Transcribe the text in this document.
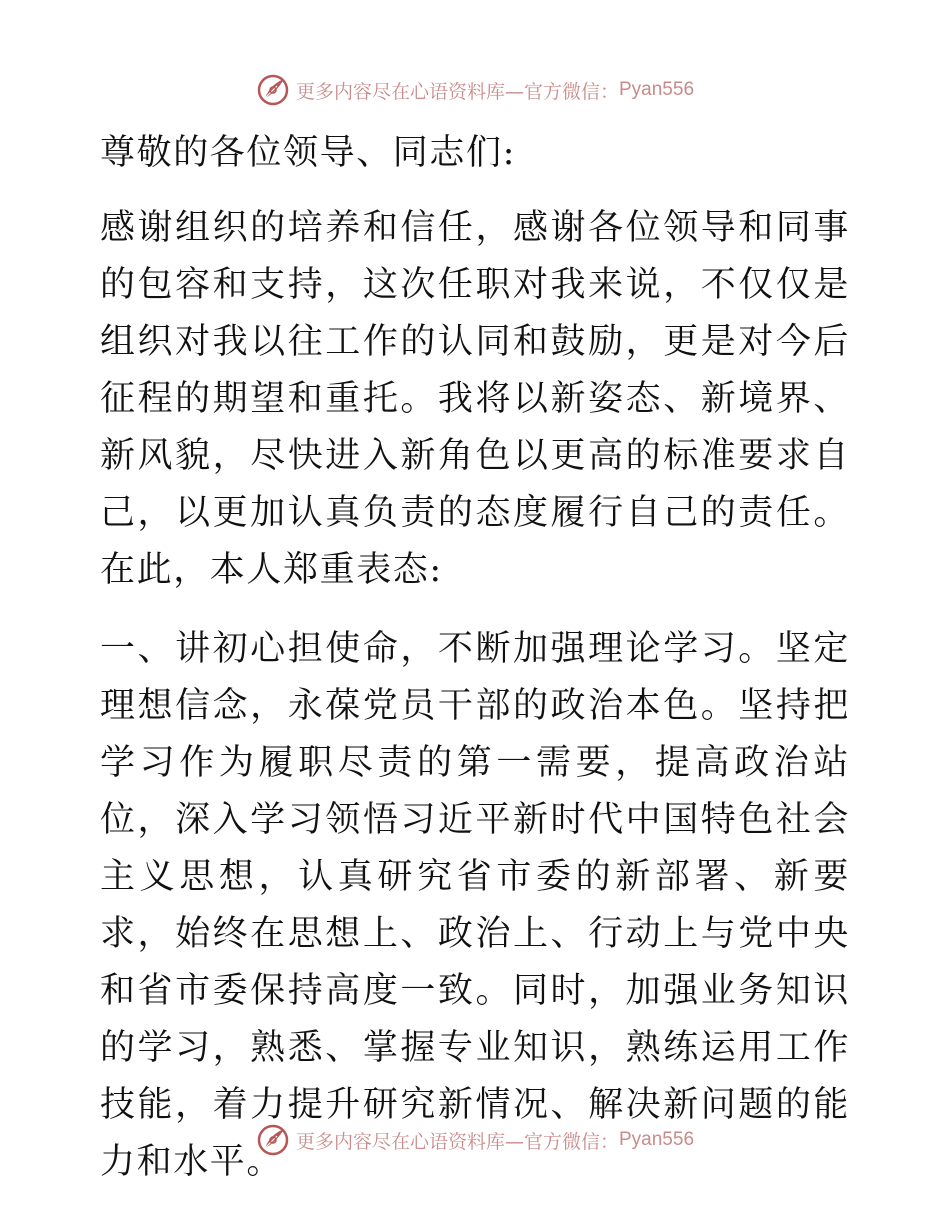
更多内容尽在心语资料库—官方微信： Pyan556

尊敬的各位领导、同志们:

感谢组织的培养和信任，感谢各位领导和同事的包容和支持，这次任职对我来说，不仅仅是组织对我以往工作的认同和鼓励，更是对今后征程的期望和重托。我将以新姿态、新境界、新风貌，尽快进入新角色以更高的标准要求自己，以更加认真负责的态度履行自己的责任。在此，本人郑重表态:

一、讲初心担使命，不断加强理论学习。坚定理想信念，永葆党员干部的政治本色。坚持把学习作为履职尽责的第一需要，提高政治站位，深入学习领悟习近平新时代中国特色社会主义思想，认真研究省市委的新部署、新要求，始终在思想上、政治上、行动上与党中央和省市委保持高度一致。同时，加强业务知识的学习，熟悉、掌握专业知识，熟练运用工作技能，着力提升研究新情况、解决新问题的能力和水平。

更多内容尽在心语资料库—官方微信： Pyan556
